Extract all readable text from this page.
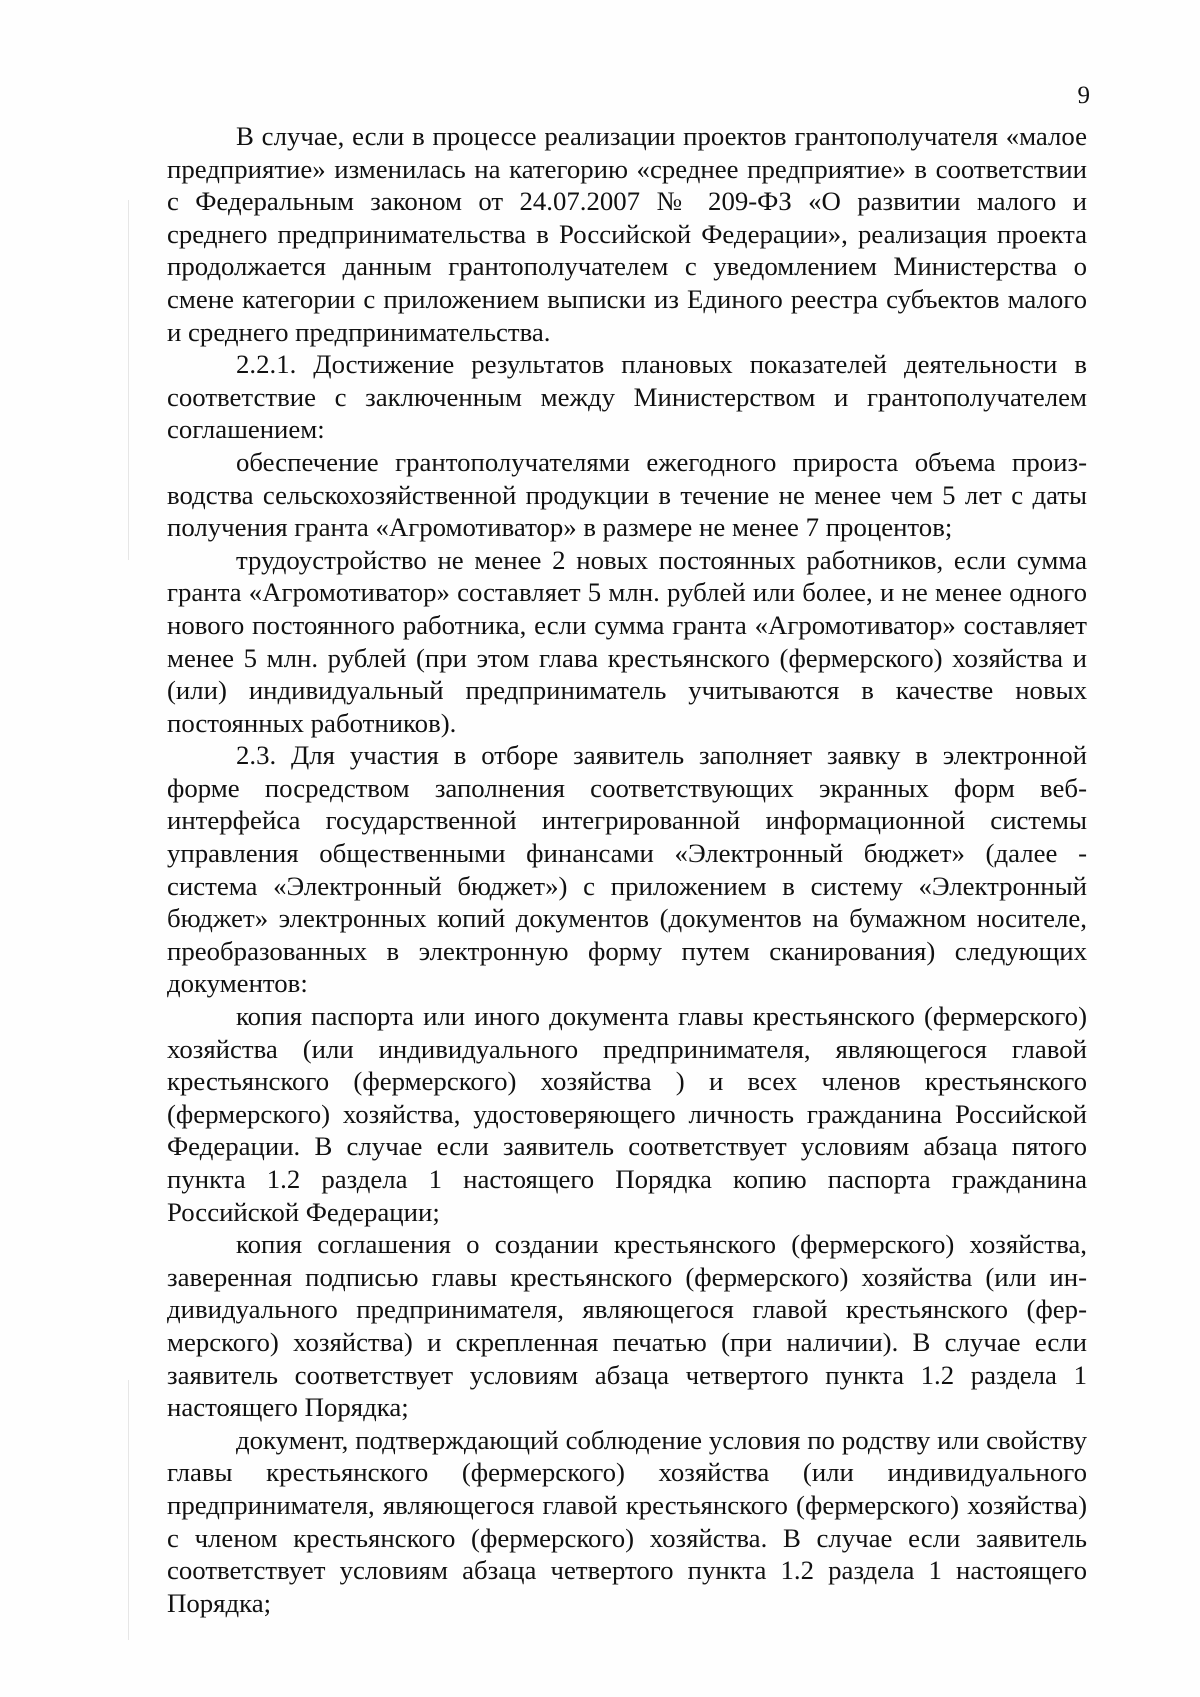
9

В случае, если в процессе реализации проектов грантополучателя «малое предприятие» изменилась на категорию «среднее предприятие» в соответствии с Федеральным законом от 24.07.2007 № 209-ФЗ «О развитии малого и среднего предпринимательства в Российской Федерации», реализация проекта продолжается данным грантополучателем с уведомлением Министерства о смене категории с приложением выписки из Единого реестра субъектов малого и среднего предпринимательства.

2.2.1. Достижение результатов плановых показателей деятельности в соответствие с заключенным между Министерством и грантополучателем соглашением:

обеспечение грантополучателями ежегодного прироста объема производства сельскохозяйственной продукции в течение не менее чем 5 лет с даты получения гранта «Агромотиватор» в размере не менее 7 процентов;

трудоустройство не менее 2 новых постоянных работников, если сумма гранта «Агромотиватор» составляет 5 млн. рублей или более, и не менее одного нового постоянного работника, если сумма гранта «Агромотиватор» составляет менее 5 млн. рублей (при этом глава крестьянского (фермерского) хозяйства и (или) индивидуальный предприниматель учитываются в качестве новых постоянных работников).

2.3. Для участия в отборе заявитель заполняет заявку в электронной форме посредством заполнения соответствующих экранных форм веб-интерфейса государственной интегрированной информационной системы управления общественными финансами «Электронный бюджет» (далее - система «Электронный бюджет») с приложением в систему «Электронный бюджет» электронных копий документов (документов на бумажном носителе, преобразованных в электронную форму путем сканирования) следующих документов:

копия паспорта или иного документа главы крестьянского (фермерского) хозяйства (или индивидуального предпринимателя, являющегося главой крестьянского (фермерского) хозяйства ) и всех членов крестьянского (фермерского) хозяйства, удостоверяющего личность гражданина Российской Федерации. В случае если заявитель соответствует условиям абзаца пятого пункта 1.2 раздела 1 настоящего Порядка копию паспорта гражданина Российской Федерации;

копия соглашения о создании крестьянского (фермерского) хозяйства, заверенная подписью главы крестьянского (фермерского) хозяйства (или индивидуального предпринимателя, являющегося главой крестьянского (фермерского) хозяйства) и скрепленная печатью (при наличии). В случае если заявитель соответствует условиям абзаца четвертого пункта 1.2 раздела 1 настоящего Порядка;

документ, подтверждающий соблюдение условия по родству или свойству главы крестьянского (фермерского) хозяйства (или индивидуального предпринимателя, являющегося главой крестьянского (фермерского) хозяйства) с членом крестьянского (фермерского) хозяйства. В случае если заявитель соответствует условиям абзаца четвертого пункта 1.2 раздела 1 настоящего Порядка;
